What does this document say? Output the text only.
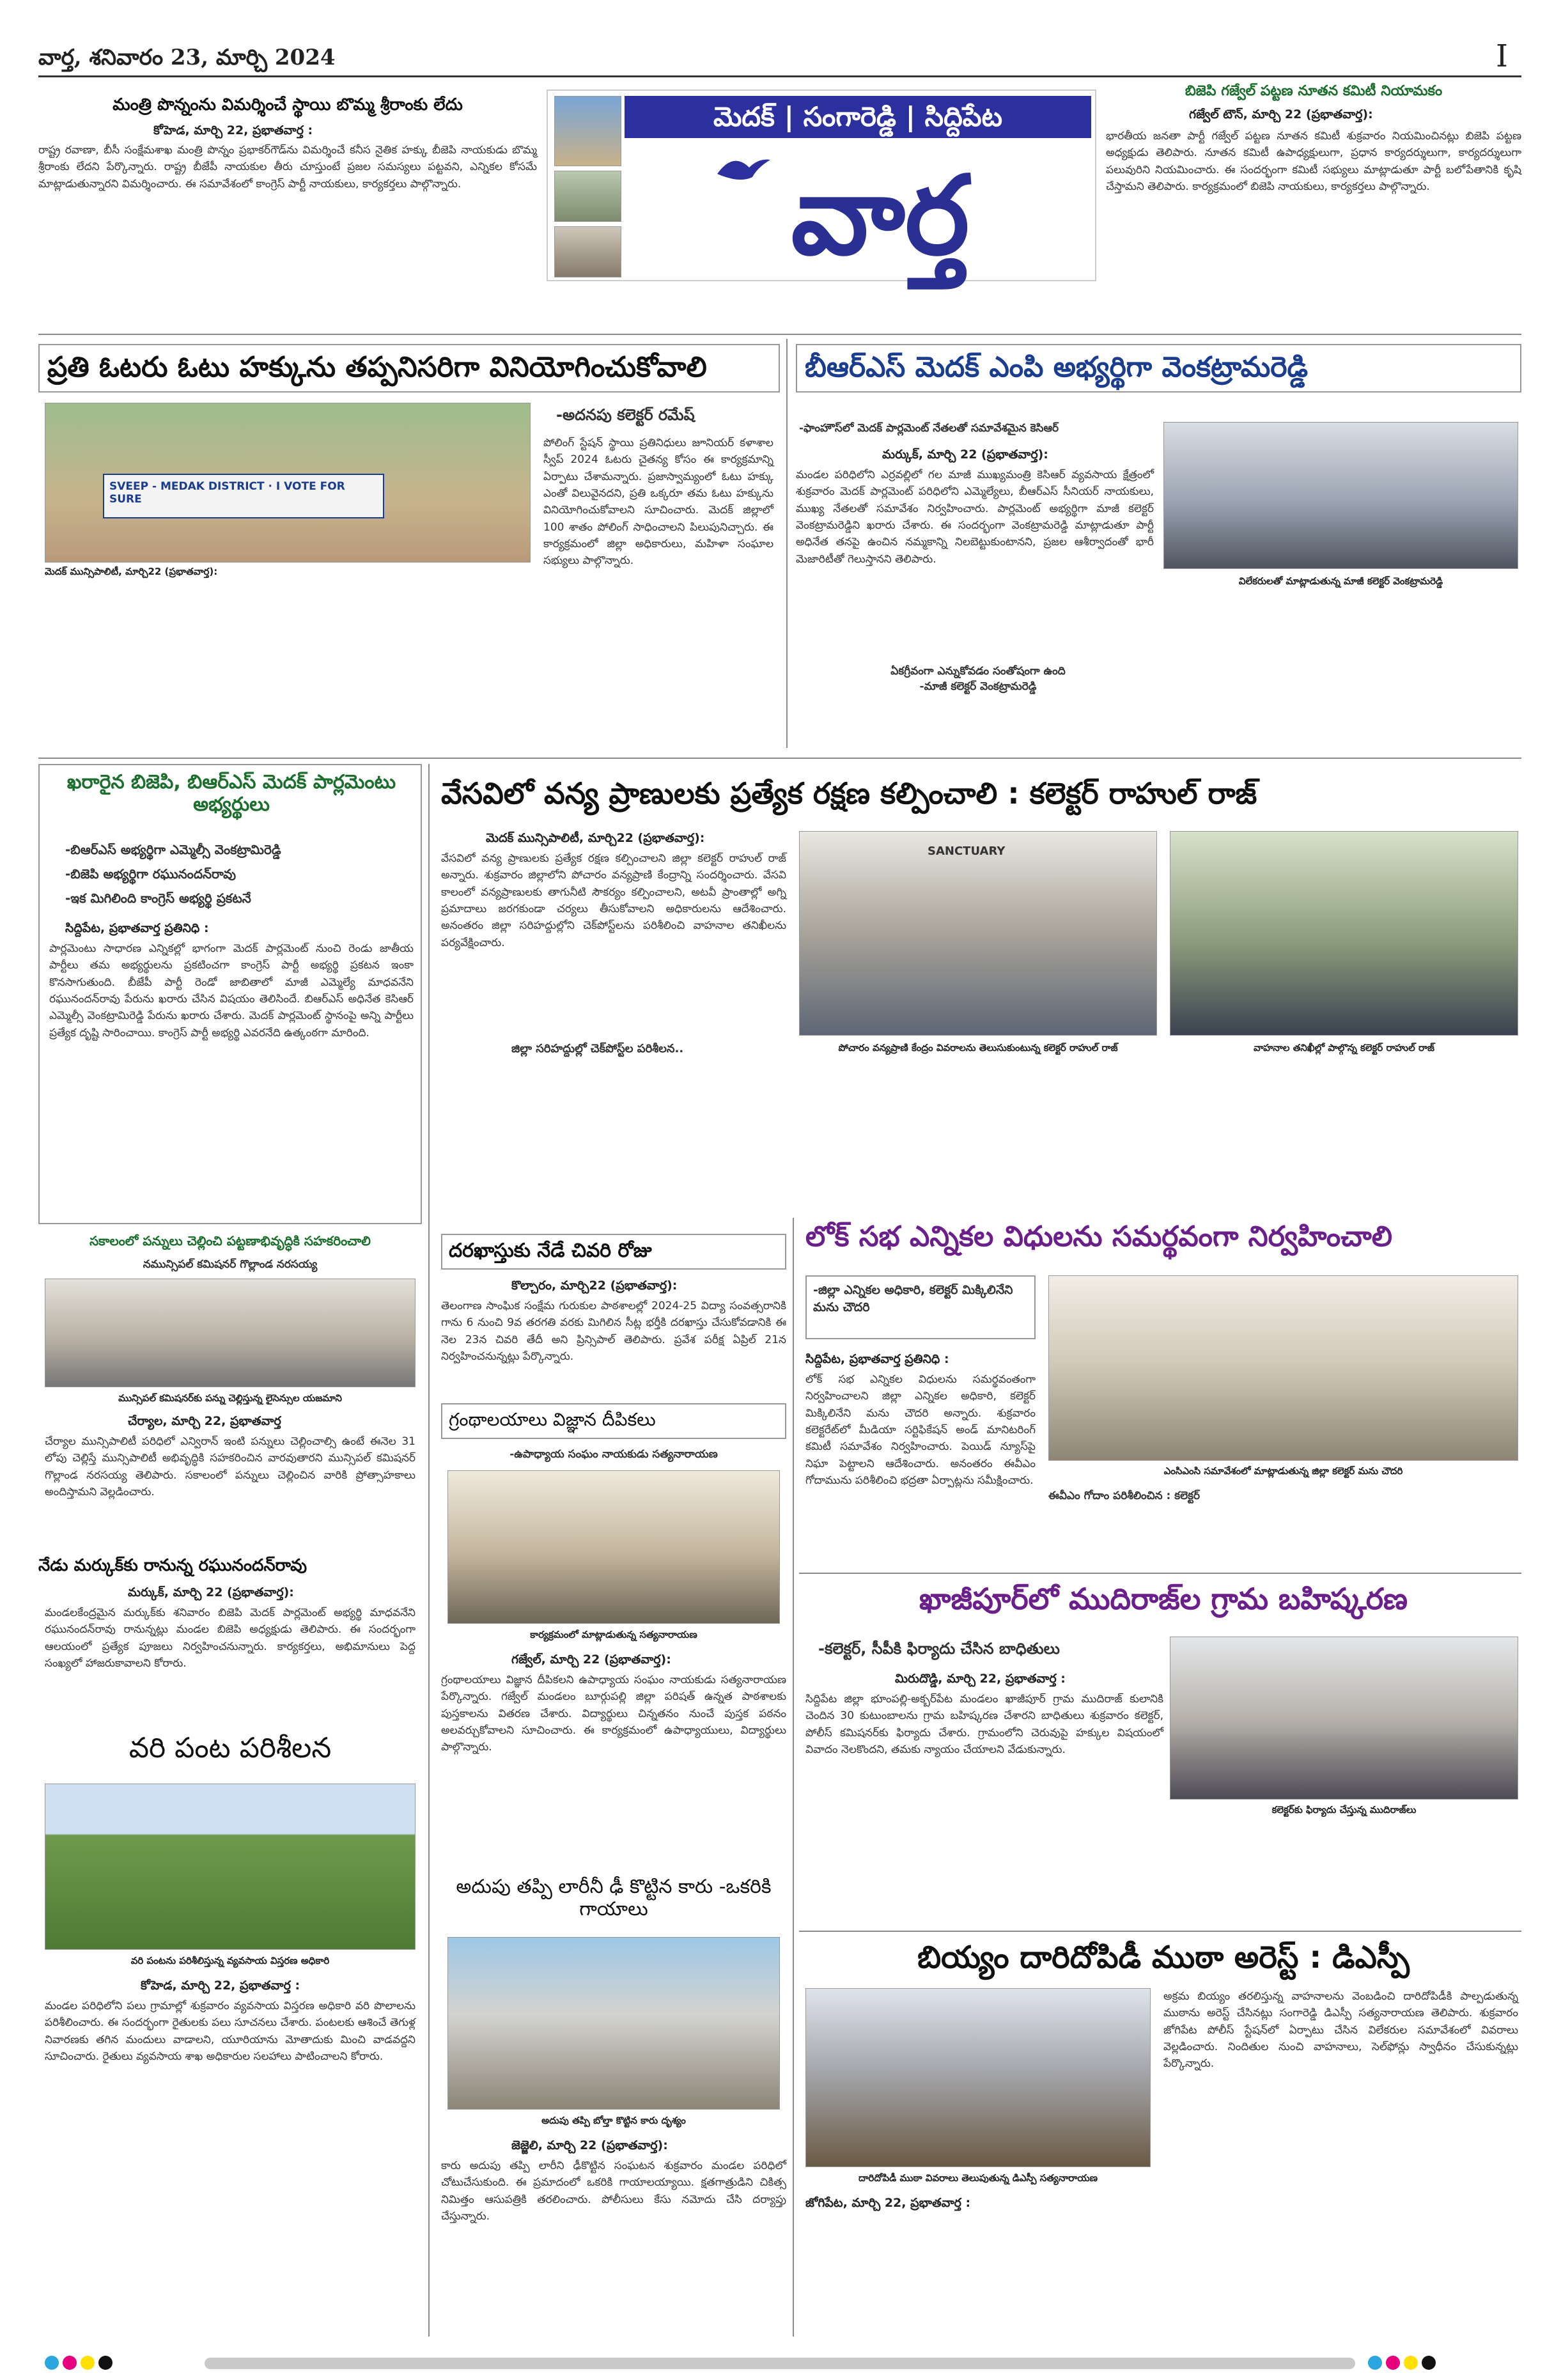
వార్త, శనివారం 23, మార్చి 2024	I
మెదక్ | సంగారెడ్డి | సిద్దిపేట
వార్త
మంత్రి పొన్నంను విమర్శించే స్థాయి బొమ్మ శ్రీరాంకు లేదు
కోహెడ, మార్చి 22, ప్రభాతవార్త :
రాష్ట్ర రవాణా, బీసీ సంక్షేమశాఖ మంత్రి పొన్నం ప్రభాకర్‌గౌడ్‌ను విమర్శించే కనీస నైతిక హక్కు బీజెపి నాయకుడు బొమ్మ శ్రీరాంకు లేదని పేర్కొన్నారు. రాష్ట్ర బీజేపీ నాయకుల తీరు చూస్తుంటే ప్రజల సమస్యలు పట్టవని, ఎన్నికల కోసమే మాట్లాడుతున్నారని విమర్శించారు. ఈ సమావేశంలో కాంగ్రెస్ పార్టీ నాయకులు, కార్యకర్తలు పాల్గొన్నారు.
బిజెపి గజ్వేల్ పట్టణ నూతన కమిటీ నియామకం
గజ్వేల్ టౌన్, మార్చి 22 (ప్రభాతవార్త):
భారతీయ జనతా పార్టీ గజ్వేల్ పట్టణ నూతన కమిటీ శుక్రవారం నియమించినట్లు బిజెపి పట్టణ అధ్యక్షుడు తెలిపారు. నూతన కమిటీ ఉపాధ్యక్షులుగా, ప్రధాన కార్యదర్శులుగా, కార్యదర్శులుగా పలువురిని నియమించారు. ఈ సందర్భంగా కమిటీ సభ్యులు మాట్లాడుతూ పార్టీ బలోపేతానికి కృషి చేస్తామని తెలిపారు. కార్యక్రమంలో బిజెపి నాయకులు, కార్యకర్తలు పాల్గొన్నారు.
ప్రతి ఓటరు ఓటు హక్కును తప్పనిసరిగా వినియోగించుకోవాలి
SVEEP - MEDAK DISTRICT · I VOTE FOR SURE
మెదక్ మున్సిపాలిటీ, మార్చి22 (ప్రభాతవార్త):
-అదనపు కలెక్టర్ రమేష్
పోలింగ్ స్టేషన్ స్థాయి ప్రతినిధులు జూనియర్ కళాశాల స్వీప్ 2024 ఓటరు చైతన్య కోసం ఈ కార్యక్రమాన్ని ఏర్పాటు చేశామన్నారు. ప్రజాస్వామ్యంలో ఓటు హక్కు ఎంతో విలువైనదని, ప్రతి ఒక్కరూ తమ ఓటు హక్కును వినియోగించుకోవాలని సూచించారు. మెదక్ జిల్లాలో 100 శాతం పోలింగ్ సాధించాలని పిలుపునిచ్చారు. ఈ కార్యక్రమంలో జిల్లా అధికారులు, మహిళా సంఘాల సభ్యులు పాల్గొన్నారు.
బీఆర్ఎస్ మెదక్ ఎంపి అభ్యర్థిగా వెంకట్రామరెడ్డి
-ఫాంహౌస్‌లో మెదక్ పార్లమెంట్ నేతలతో సమావేశమైన కెసిఆర్
మర్కుక్, మార్చి 22 (ప్రభాతవార్త):
మండల పరిధిలోని ఎర్రవల్లిలో గల మాజీ ముఖ్యమంత్రి కెసిఆర్ వ్యవసాయ క్షేత్రంలో శుక్రవారం మెదక్ పార్లమెంట్ పరిధిలోని ఎమ్మెల్యేలు, బీఆర్ఎస్ సీనియర్ నాయకులు, ముఖ్య నేతలతో సమావేశం నిర్వహించారు. పార్లమెంట్ అభ్యర్థిగా మాజీ కలెక్టర్ వెంకట్రామరెడ్డిని ఖరారు చేశారు. ఈ సందర్భంగా వెంకట్రామరెడ్డి మాట్లాడుతూ పార్టీ అధినేత తనపై ఉంచిన నమ్మకాన్ని నిలబెట్టుకుంటానని, ప్రజల ఆశీర్వాదంతో భారీ మెజారిటీతో గెలుస్తానని తెలిపారు.
విలేకరులతో మాట్లాడుతున్న మాజీ కలెక్టర్ వెంకట్రామరెడ్డి
ఏకగ్రీవంగా ఎన్నుకోవడం సంతోషంగా ఉంది
-మాజీ కలెక్టర్ వెంకట్రామరెడ్డి
ఖరారైన బిజెపి, బిఆర్ఎస్ మెదక్ పార్లమెంటు అభ్యర్థులు
-బిఆర్ఎస్ అభ్యర్థిగా ఎమ్మెల్సీ వెంకట్రామిరెడ్డి
-బిజెపి అభ్యర్థిగా రఘునందన్‌రావు
-ఇక మిగిలింది కాంగ్రెస్ అభ్యర్థి ప్రకటనే
సిద్దిపేట, ప్రభాతవార్త ప్రతినిధి :
పార్లమెంటు సాధారణ ఎన్నికల్లో భాగంగా మెదక్ పార్లమెంట్ నుంచి రెండు జాతీయ పార్టీలు తమ అభ్యర్థులను ప్రకటించగా కాంగ్రెస్ పార్టీ అభ్యర్థి ప్రకటన ఇంకా కొనసాగుతుంది. బీజేపీ పార్టీ రెండో జాబితాలో మాజీ ఎమ్మెల్యే మాధవనేని రఘునందన్‌రావు పేరును ఖరారు చేసిన విషయం తెలిసిందే. బిఆర్ఎస్ అధినేత కెసిఆర్ ఎమ్మెల్సీ వెంకట్రామిరెడ్డి పేరును ఖరారు చేశారు. మెదక్ పార్లమెంట్ స్థానంపై అన్ని పార్టీలు ప్రత్యేక దృష్టి సారించాయి. కాంగ్రెస్ పార్టీ అభ్యర్థి ఎవరనేది ఉత్కంఠగా మారింది.
సకాలంలో పన్నులు చెల్లించి పట్టణాభివృద్ధికి సహకరించాలి
నమున్సిపల్ కమిషనర్ గొల్లాండ నరసయ్య
మున్సిపల్ కమిషనర్‌కు పన్ను చెల్లిస్తున్న లైసెన్సుల యజమాని
చేర్యాల, మార్చి 22, ప్రభాతవార్త
చేర్యాల మున్సిపాలిటీ పరిధిలో ఎన్విరాన్ ఇంటి పన్నులు చెల్లించాల్సి ఉంటే ఈనెల 31 లోపు చెల్లిస్తే మున్సిపాలిటీ అభివృద్ధికి సహకరించిన వారవుతారని మున్సిపల్ కమిషనర్ గొల్లాండ నరసయ్య తెలిపారు. సకాలంలో పన్నులు చెల్లించిన వారికి ప్రోత్సాహకాలు అందిస్తామని వెల్లడించారు.
నేడు మర్కుక్‌కు రానున్న రఘునందన్‌రావు
మర్కుక్, మార్చి 22 (ప్రభాతవార్త):
మండలకేంద్రమైన మర్కుక్‌కు శనివారం బిజెపి మెదక్ పార్లమెంట్ అభ్యర్థి మాధవనేని రఘునందన్‌రావు రానున్నట్లు మండల బిజెపి అధ్యక్షుడు తెలిపారు. ఈ సందర్భంగా ఆలయంలో ప్రత్యేక పూజలు నిర్వహించనున్నారు. కార్యకర్తలు, అభిమానులు పెద్ద సంఖ్యలో హాజరుకావాలని కోరారు.
వరి పంట పరిశీలన
వరి పంటను పరిశీలిస్తున్న వ్యవసాయ విస్తరణ అధికారి
కోహెడ, మార్చి 22, ప్రభాతవార్త :
మండల పరిధిలోని పలు గ్రామాల్లో శుక్రవారం వ్యవసాయ విస్తరణ అధికారి వరి పొలాలను పరిశీలించారు. ఈ సందర్భంగా రైతులకు పలు సూచనలు చేశారు. పంటలకు ఆశించే తెగుళ్ల నివారణకు తగిన మందులు వాడాలని, యూరియాను మోతాదుకు మించి వాడవద్దని సూచించారు. రైతులు వ్యవసాయ శాఖ అధికారుల సలహాలు పాటించాలని కోరారు.
వేసవిలో వన్య ప్రాణులకు ప్రత్యేక రక్షణ కల్పించాలి : కలెక్టర్ రాహుల్ రాజ్
మెదక్ మున్సిపాలిటీ, మార్చి22 (ప్రభాతవార్త):
వేసవిలో వన్య ప్రాణులకు ప్రత్యేక రక్షణ కల్పించాలని జిల్లా కలెక్టర్ రాహుల్ రాజ్ అన్నారు. శుక్రవారం జిల్లాలోని పోచారం వన్యప్రాణి కేంద్రాన్ని సందర్శించారు. వేసవి కాలంలో వన్యప్రాణులకు తాగునీటి సౌకర్యం కల్పించాలని, అటవీ ప్రాంతాల్లో అగ్ని ప్రమాదాలు జరగకుండా చర్యలు తీసుకోవాలని అధికారులను ఆదేశించారు. అనంతరం జిల్లా సరిహద్దుల్లోని చెక్‌పోస్ట్‌లను పరిశీలించి వాహనాల తనిఖీలను పర్యవేక్షించారు.
జిల్లా సరిహద్దుల్లో చెక్‌పోస్ట్‌ల పరిశీలన..
SANCTUARY
పోచారం వన్యప్రాణి కేంద్రం వివరాలను తెలుసుకుంటున్న కలెక్టర్ రాహుల్ రాజ్	వాహనాల తనిఖీల్లో పాల్గొన్న కలెక్టర్ రాహుల్ రాజ్
దరఖాస్తుకు నేడే చివరి రోజు
కొల్చారం, మార్చి22 (ప్రభాతవార్త):
తెలంగాణ సాంఘిక సంక్షేమ గురుకుల పాఠశాలల్లో 2024-25 విద్యా సంవత్సరానికి గాను 6 నుంచి 9వ తరగతి వరకు మిగిలిన సీట్ల భర్తీకి దరఖాస్తు చేసుకోవడానికి ఈ నెల 23న చివరి తేదీ అని ప్రిన్సిపాల్ తెలిపారు. ప్రవేశ పరీక్ష ఏప్రిల్ 21న నిర్వహించనున్నట్లు పేర్కొన్నారు.
గ్రంథాలయాలు విజ్ఞాన దీపికలు
-ఉపాధ్యాయ సంఘం నాయకుడు సత్యనారాయణ
కార్యక్రమంలో మాట్లాడుతున్న సత్యనారాయణ
గజ్వేల్, మార్చి 22 (ప్రభాతవార్త):
గ్రంథాలయాలు విజ్ఞాన దీపికలని ఉపాధ్యాయ సంఘం నాయకుడు సత్యనారాయణ పేర్కొన్నారు. గజ్వేల్ మండలం బూర్గుపల్లి జిల్లా పరిషత్ ఉన్నత పాఠశాలకు పుస్తకాలను వితరణ చేశారు. విద్యార్థులు చిన్నతనం నుంచే పుస్తక పఠనం అలవర్చుకోవాలని సూచించారు. ఈ కార్యక్రమంలో ఉపాధ్యాయులు, విద్యార్థులు పాల్గొన్నారు.
అదుపు తప్పి లారీనీ ఢీ కొట్టిన కారు -ఒకరికి గాయాలు
అదుపు తప్పి బోల్తా కొట్టిన కారు దృశ్యం
జెజ్జెలి, మార్చి 22 (ప్రభాతవార్త):
కారు అదుపు తప్పి లారీని ఢీకొట్టిన సంఘటన శుక్రవారం మండల పరిధిలో చోటుచేసుకుంది. ఈ ప్రమాదంలో ఒకరికి గాయాలయ్యాయి. క్షతగాత్రుడిని చికిత్స నిమిత్తం ఆసుపత్రికి తరలించారు. పోలీసులు కేసు నమోదు చేసి దర్యాప్తు చేస్తున్నారు.
లోక్ సభ ఎన్నికల విధులను సమర్థవంగా నిర్వహించాలి
-జిల్లా ఎన్నికల అధికారి, కలెక్టర్ మిక్కిలినేని మను చౌదరి
సిద్దిపేట, ప్రభాతవార్త ప్రతినిధి :
లోక్ సభ ఎన్నికల విధులను సమర్థవంతంగా నిర్వహించాలని జిల్లా ఎన్నికల అధికారి, కలెక్టర్ మిక్కిలినేని మను చౌదరి అన్నారు. శుక్రవారం కలెక్టరేట్‌లో మీడియా సర్టిఫికేషన్ అండ్ మానిటరింగ్ కమిటీ సమావేశం నిర్వహించారు. పెయిడ్ న్యూస్‌పై నిఘా పెట్టాలని ఆదేశించారు. అనంతరం ఈవీఎం గోదామును పరిశీలించి భద్రతా ఏర్పాట్లను సమీక్షించారు.
ఎంసిఎంసి సమావేశంలో మాట్లాడుతున్న జిల్లా కలెక్టర్ మను చౌదరి
ఈవీఎం గోదాం పరిశీలించిన : కలెక్టర్
ఖాజీపూర్‌లో ముదిరాజ్‌ల గ్రామ బహిష్కరణ
-కలెక్టర్, సీపీకి ఫిర్యాదు చేసిన బాధితులు
మిరుదొడ్డి, మార్చి 22, ప్రభాతవార్త :
సిద్దిపేట జిల్లా భూంపల్లి-అక్బర్‌పేట మండలం ఖాజీపూర్ గ్రామ ముదిరాజ్ కులానికి చెందిన 30 కుటుంబాలను గ్రామ బహిష్కరణ చేశారని బాధితులు శుక్రవారం కలెక్టర్, పోలీస్ కమిషనర్‌కు ఫిర్యాదు చేశారు. గ్రామంలోని చెరువుపై హక్కుల విషయంలో వివాదం నెలకొందని, తమకు న్యాయం చేయాలని వేడుకున్నారు.
కలెక్టర్‌కు ఫిర్యాదు చేస్తున్న ముదిరాజ్‌లు
బియ్యం దారిదోపిడీ ముఠా అరెస్ట్ : డిఎస్పీ
దారిదోపిడీ ముఠా వివరాలు తెలుపుతున్న డిఎస్పీ సత్యనారాయణ
జోగిపేట, మార్చి 22, ప్రభాతవార్త :
అక్రమ బియ్యం తరలిస్తున్న వాహనాలను వెంబడించి దారిదోపిడీకి పాల్పడుతున్న ముఠాను అరెస్ట్ చేసినట్లు సంగారెడ్డి డిఎస్పీ సత్యనారాయణ తెలిపారు. శుక్రవారం జోగిపేట పోలీస్ స్టేషన్‌లో ఏర్పాటు చేసిన విలేకరుల సమావేశంలో వివరాలు వెల్లడించారు. నిందితుల నుంచి వాహనాలు, సెల్‌ఫోన్లు స్వాధీనం చేసుకున్నట్లు పేర్కొన్నారు.
